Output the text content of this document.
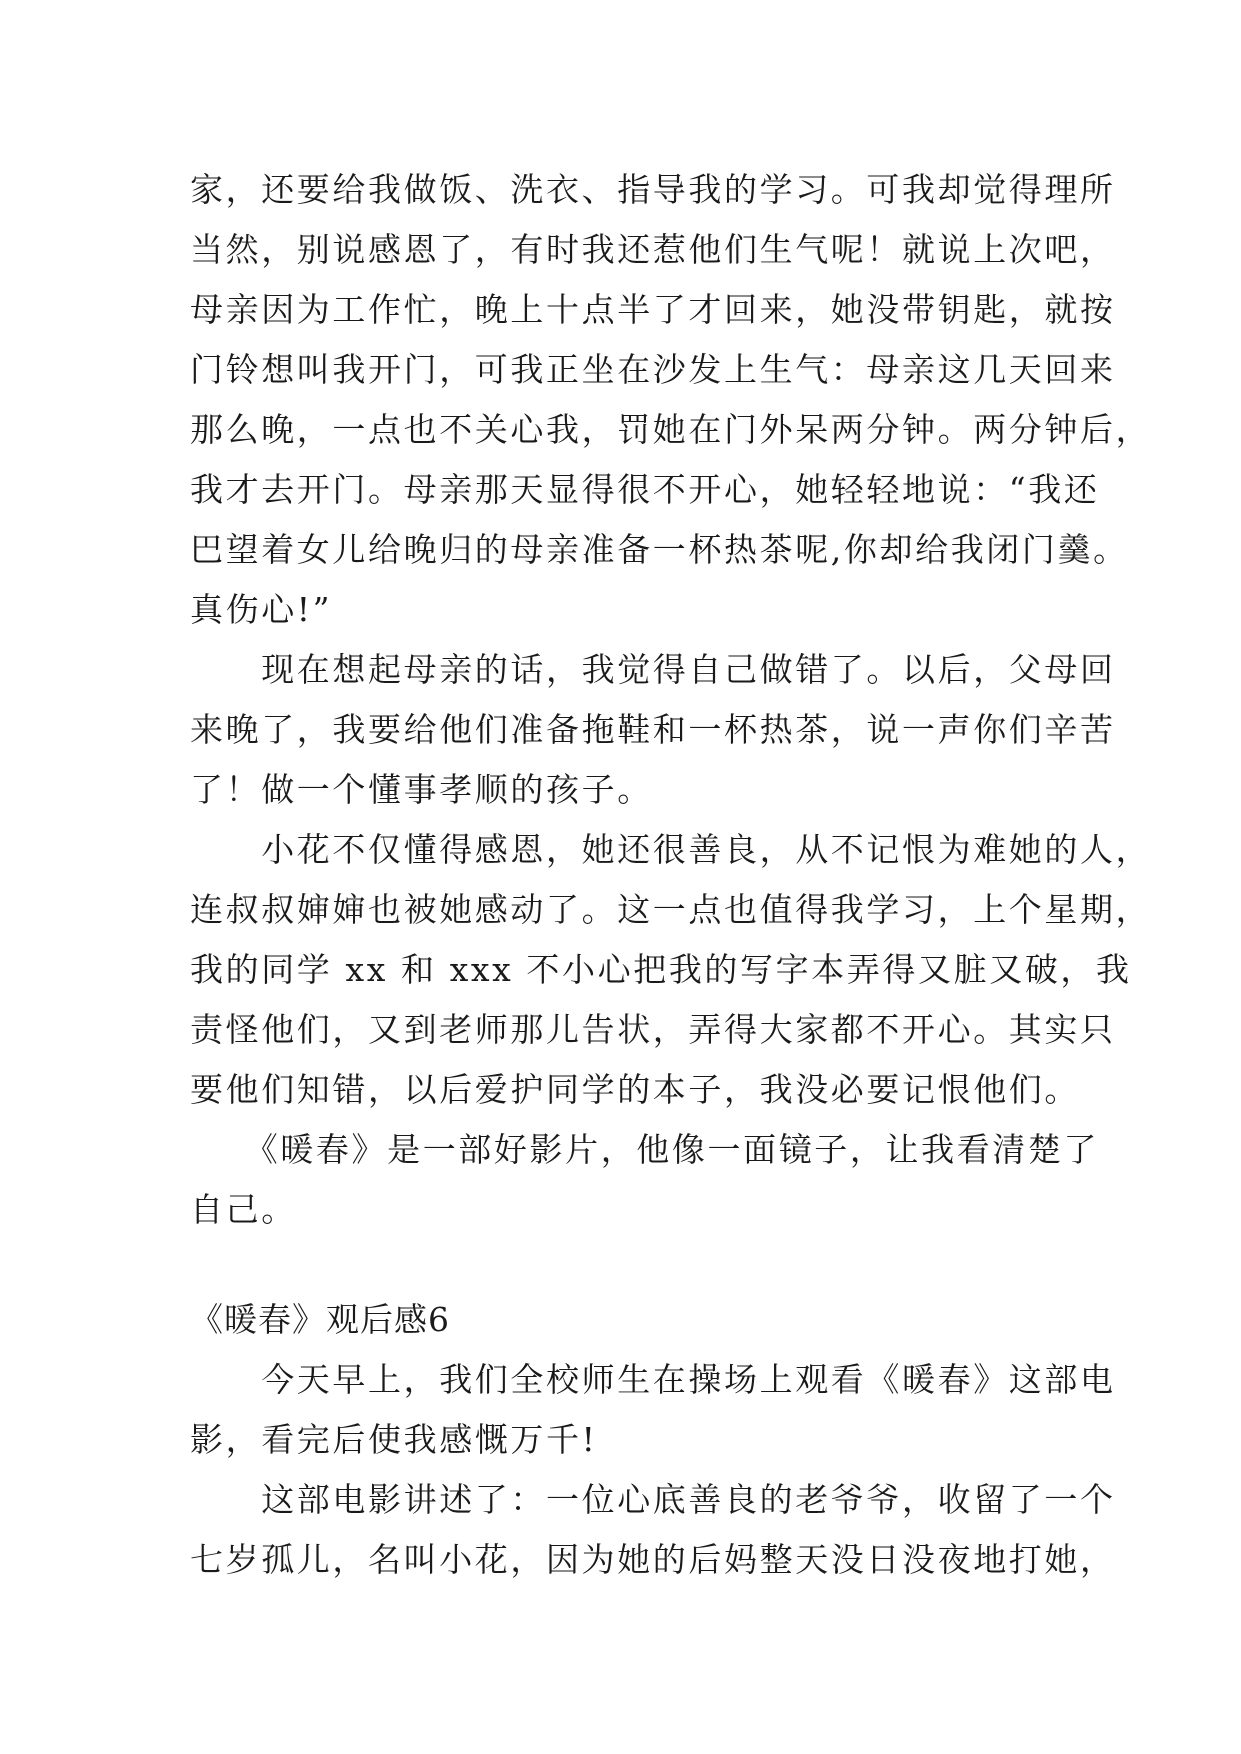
家，还要给我做饭、洗衣、指导我的学习。可我却觉得理所
当然，别说感恩了，有时我还惹他们生气呢！就说上次吧，
母亲因为工作忙，晚上十点半了才回来，她没带钥匙，就按
门铃想叫我开门，可我正坐在沙发上生气：母亲这几天回来
那么晚，一点也不关心我，罚她在门外呆两分钟。两分钟后，
我才去开门。母亲那天显得很不开心，她轻轻地说：“我还
巴望着女儿给晚归的母亲准备一杯热茶呢,你却给我闭门羹。
真伤心!”
　　现在想起母亲的话，我觉得自己做错了。以后，父母回
来晚了，我要给他们准备拖鞋和一杯热茶，说一声你们辛苦
了！做一个懂事孝顺的孩子。
　　小花不仅懂得感恩，她还很善良，从不记恨为难她的人，
连叔叔婶婶也被她感动了。这一点也值得我学习，上个星期，
我的同学 xx 和 xxx 不小心把我的写字本弄得又脏又破，我
责怪他们，又到老师那儿告状，弄得大家都不开心。其实只
要他们知错，以后爱护同学的本子，我没必要记恨他们。
　　《暖春》是一部好影片，他像一面镜子，让我看清楚了
自己。
《暖春》观后感6
　　今天早上，我们全校师生在操场上观看《暖春》这部电
影，看完后使我感慨万千!
　　这部电影讲述了：一位心底善良的老爷爷，收留了一个
七岁孤儿，名叫小花，因为她的后妈整天没日没夜地打她，
